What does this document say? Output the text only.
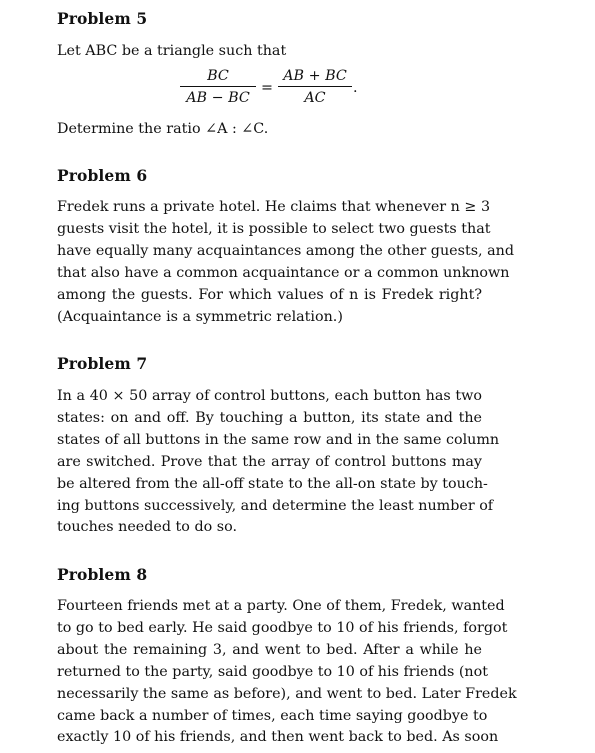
Problem 5
Let ABC be a triangle such that
BC
AB − BC
=
AB + BC
AC
.
Determine the ratio ∠A : ∠C.
Problem 6
Fredek runs a private hotel. He claims that whenever n ≥ 3
guests visit the hotel, it is possible to select two guests that
have equally many acquaintances among the other guests, and
that also have a common acquaintance or a common unknown
among the guests. For which values of n is Fredek right?
(Acquaintance is a symmetric relation.)
Problem 7
In a 40 × 50 array of control buttons, each button has two
states: on and off. By touching a button, its state and the
states of all buttons in the same row and in the same column
are switched. Prove that the array of control buttons may
be altered from the all-off state to the all-on state by touch-
ing buttons successively, and determine the least number of
touches needed to do so.
Problem 8
Fourteen friends met at a party. One of them, Fredek, wanted
to go to bed early. He said goodbye to 10 of his friends, forgot
about the remaining 3, and went to bed. After a while he
returned to the party, said goodbye to 10 of his friends (not
necessarily the same as before), and went to bed. Later Fredek
came back a number of times, each time saying goodbye to
exactly 10 of his friends, and then went back to bed. As soon
